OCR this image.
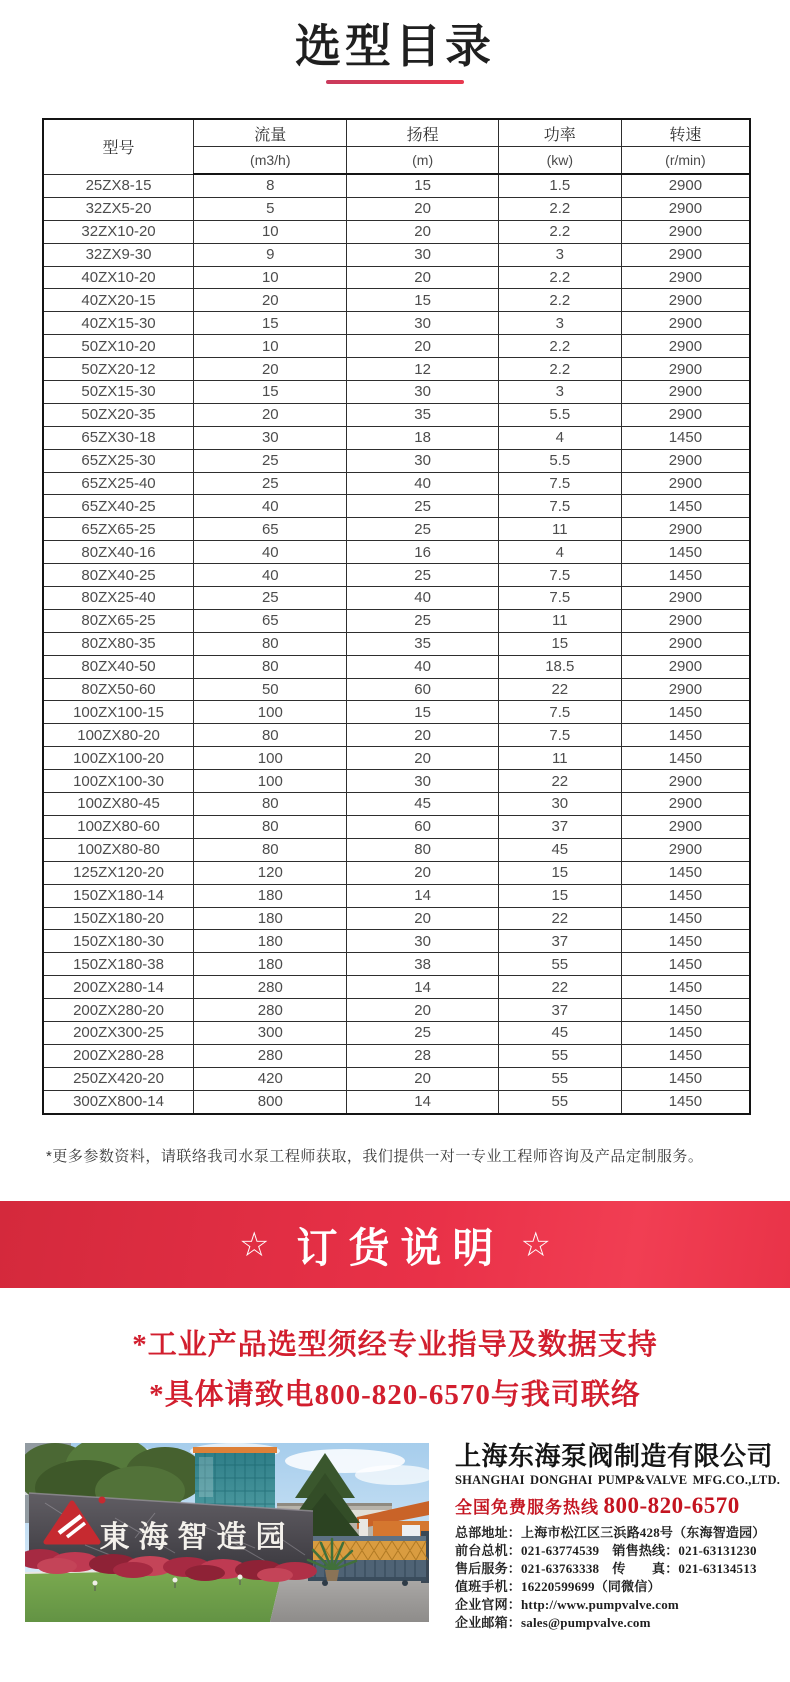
选型目录
型号	流量	扬程	功率	转速
	(m3/h)	(m)	(kw)	(r/min)
25ZX8-15	8	15	1.5	2900
32ZX5-20	5	20	2.2	2900
32ZX10-20	10	20	2.2	2900
32ZX9-30	9	30	3	2900
40ZX10-20	10	20	2.2	2900
40ZX20-15	20	15	2.2	2900
40ZX15-30	15	30	3	2900
50ZX10-20	10	20	2.2	2900
50ZX20-12	20	12	2.2	2900
50ZX15-30	15	30	3	2900
50ZX20-35	20	35	5.5	2900
65ZX30-18	30	18	4	1450
65ZX25-30	25	30	5.5	2900
65ZX25-40	25	40	7.5	2900
65ZX40-25	40	25	7.5	1450
65ZX65-25	65	25	11	2900
80ZX40-16	40	16	4	1450
80ZX40-25	40	25	7.5	1450
80ZX25-40	25	40	7.5	2900
80ZX65-25	65	25	11	2900
80ZX80-35	80	35	15	2900
80ZX40-50	80	40	18.5	2900
80ZX50-60	50	60	22	2900
100ZX100-15	100	15	7.5	1450
100ZX80-20	80	20	7.5	1450
100ZX100-20	100	20	11	1450
100ZX100-30	100	30	22	2900
100ZX80-45	80	45	30	2900
100ZX80-60	80	60	37	2900
100ZX80-80	80	80	45	2900
125ZX120-20	120	20	15	1450
150ZX180-14	180	14	15	1450
150ZX180-20	180	20	22	1450
150ZX180-30	180	30	37	1450
150ZX180-38	180	38	55	1450
200ZX280-14	280	14	22	1450
200ZX280-20	280	20	37	1450
200ZX300-25	300	25	45	1450
200ZX280-28	280	28	55	1450
250ZX420-20	420	20	55	1450
300ZX800-14	800	14	55	1450

*更多参数资料，请联络我司水泵工程师获取，我们提供一对一专业工程师咨询及产品定制服务。

☆ 订货说明 ☆
*工业产品选型须经专业指导及数据支持
*具体请致电800-820-6570与我司联络
東海智造园
上海东海泵阀制造有限公司
SHANGHAI DONGHAI PUMP&VALVE MFG.CO.,LTD.
全国免费服务热线 800-820-6570
总部地址：上海市松江区三浜路428号（东海智造园）
前台总机：021-63774539　销售热线：021-63131230
售后服务：021-63763338　传　　真：021-63134513
值班手机：16220599699（同微信）
企业官网：http://www.pumpvalve.com
企业邮箱：sales@pumpvalve.com
